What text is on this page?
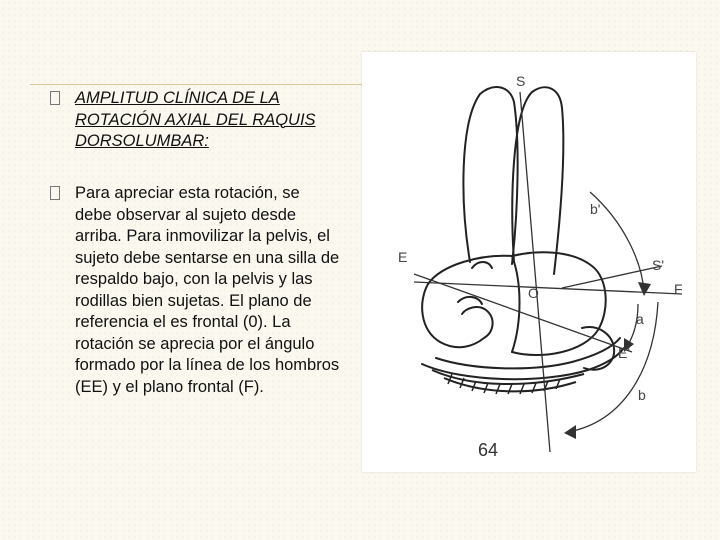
AMPLITUD CLÍNICA DE LA ROTACIÓN AXIAL DEL RAQUIS DORSOLUMBAR:
Para apreciar esta rotación, se debe observar al sujeto desde arriba. Para inmovilizar la pelvis, el sujeto debe sentarse en una silla de respaldo bajo, con la pelvis y las rodillas bien sujetas. El plano de referencia el es frontal (0). La rotación se aprecia por el ángulo formado por la línea de los hombros (EE) y el plano frontal (F).
S
b'
S'
E
O	F
a
E'
b
64
